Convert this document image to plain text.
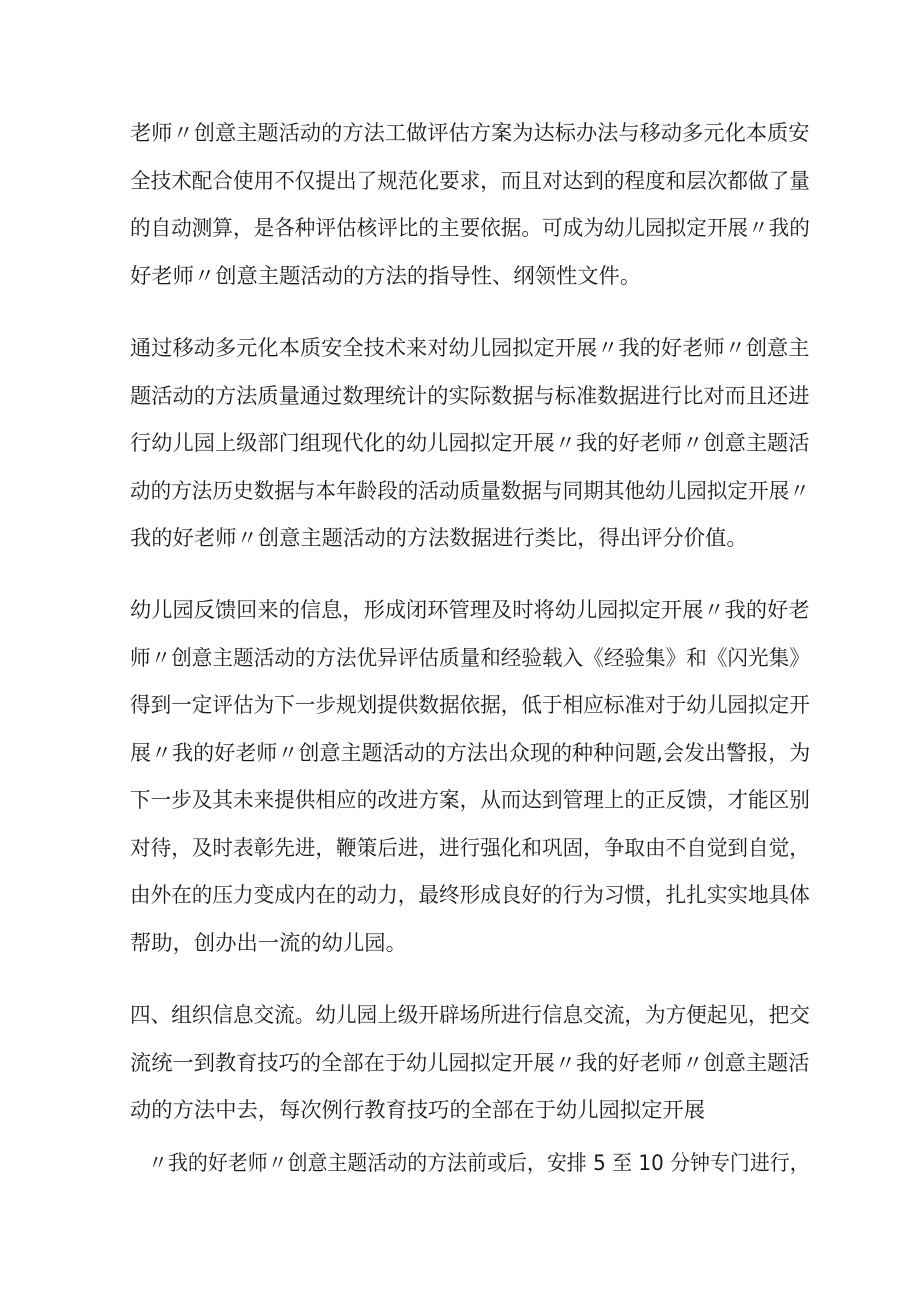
老师〃创意主题活动的方法工做评估方案为达标办法与移动多元化本质安
全技术配合使用不仅提出了规范化要求，而且对达到的程度和层次都做了量
的自动测算，是各种评估核评比的主要依据。可成为幼儿园拟定开展〃我的
好老师〃创意主题活动的方法的指导性、纲领性文件。
通过移动多元化本质安全技术来对幼儿园拟定开展〃我的好老师〃创意主
题活动的方法质量通过数理统计的实际数据与标准数据进行比对而且还进
行幼儿园上级部门组现代化的幼儿园拟定开展〃我的好老师〃创意主题活
动的方法历史数据与本年龄段的活动质量数据与同期其他幼儿园拟定开展〃
我的好老师〃创意主题活动的方法数据进行类比，得出评分价值。
幼儿园反馈回来的信息，形成闭环管理及时将幼儿园拟定开展〃我的好老
师〃创意主题活动的方法优异评估质量和经验载入《经验集》和《闪光集》
得到一定评估为下一步规划提供数据依据，低于相应标准对于幼儿园拟定开
展〃我的好老师〃创意主题活动的方法出众现的种种问题,会发出警报，为
下一步及其未来提供相应的改进方案，从而达到管理上的正反馈，才能区别
对待，及时表彰先进，鞭策后进，进行强化和巩固，争取由不自觉到自觉，
由外在的压力变成内在的动力，最终形成良好的行为习惯，扎扎实实地具体
帮助，创办出一流的幼儿园。
四、组织信息交流。幼儿园上级开辟场所进行信息交流，为方便起见，把交
流统一到教育技巧的全部在于幼儿园拟定开展〃我的好老师〃创意主题活
动的方法中去，每次例行教育技巧的全部在于幼儿园拟定开展
〃我的好老师〃创意主题活动的方法前或后，安排 5 至 10 分钟专门进行，
